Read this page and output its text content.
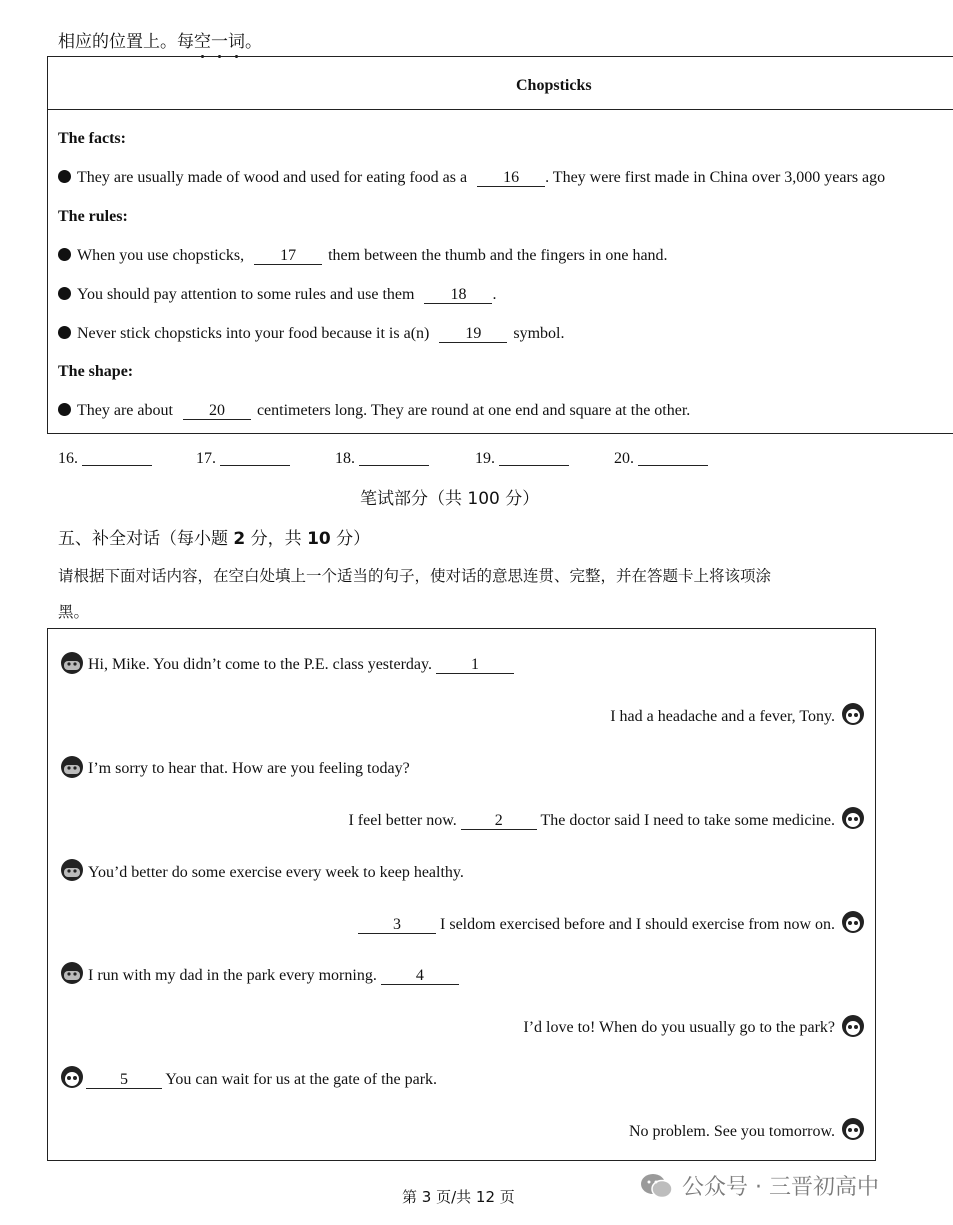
相应的位置上。每空一词。
Chopsticks
The facts:
They are usually made of wood and used for eating food as a 16 . They were first made in China over 3,000 years ago
The rules:
When you use chopsticks, 17 them between the thumb and the fingers in one hand.
You should pay attention to some rules and use them 18 .
Never stick chopsticks into your food because it is a(n) 19 symbol.
The shape:
They are about 20 centimeters long. They are round at one end and square at the other.
16.	17.	18.	19.	20.
笔试部分（共 100 分）
五、补全对话（每小题 2 分，共 10 分）
请根据下面对话内容，在空白处填上一个适当的句子，使对话的意思连贯、完整，并在答题卡上将该项涂
黑。
Hi, Mike. You didn’t come to the P.E. class yesterday. 1
I had a headache and a fever, Tony.
I’m sorry to hear that. How are you feeling today?
I feel better now. 2 The doctor said I need to take some medicine.
You’d better do some exercise every week to keep healthy.
3 I seldom exercised before and I should exercise from now on.
I run with my dad in the park every morning. 4
I’d love to! When do you usually go to the park?
5 You can wait for us at the gate of the park.
No problem. See you tomorrow.
第 3 页/共 12 页	公众号 · 三晋初高中
